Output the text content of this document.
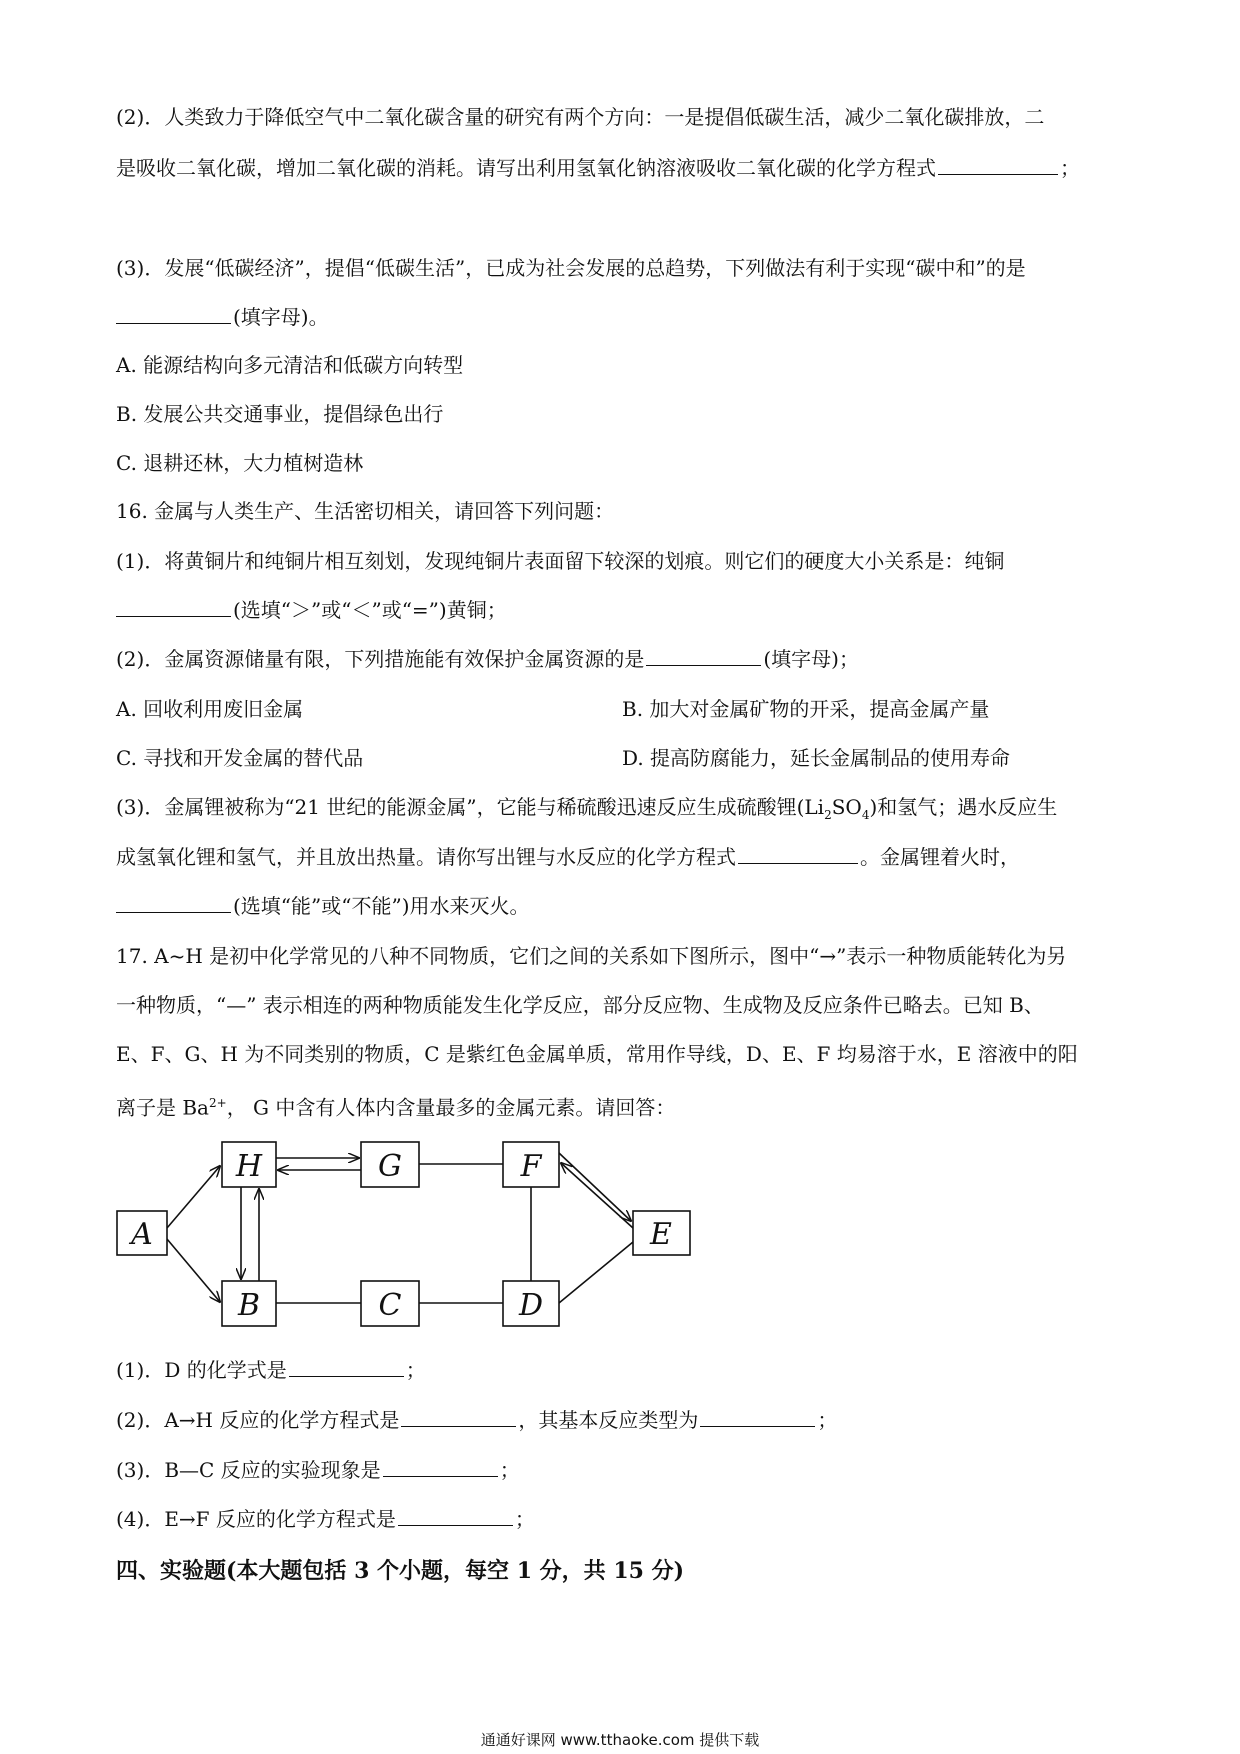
(2)．人类致力于降低空气中二氧化碳含量的研究有两个方向：一是提倡低碳生活，减少二氧化碳排放，二
是吸收二氧化碳，增加二氧化碳的消耗。请写出利用氢氧化钠溶液吸收二氧化碳的化学方程式	；
(3)．发展“低碳经济”，提倡“低碳生活”，已成为社会发展的总趋势，下列做法有利于实现“碳中和”的是
(填字母)。
A. 能源结构向多元清洁和低碳方向转型
B. 发展公共交通事业，提倡绿色出行
C. 退耕还林，大力植树造林
16. 金属与人类生产、生活密切相关，请回答下列问题：
(1)．将黄铜片和纯铜片相互刻划，发现纯铜片表面留下较深的划痕。则它们的硬度大小关系是：纯铜
(选填“＞”或“＜”或“=”)黄铜；
(2)．金属资源储量有限，下列措施能有效保护金属资源的是	(填字母)；
A. 回收利用废旧金属	B. 加大对金属矿物的开采，提高金属产量
C. 寻找和开发金属的替代品	D. 提高防腐能力，延长金属制品的使用寿命
(3)．金属锂被称为“21 世纪的能源金属”，它能与稀硫酸迅速反应生成硫酸锂$(Li_2SO_4)$和氢气；遇水反应生
成氢氧化锂和氢气，并且放出热量。请你写出锂与水反应的化学方程式	。金属锂着火时，
(选填“能”或“不能”)用水来灭火。
17. A~H 是初中化学常见的八种不同物质，它们之间的关系如下图所示，图中“→”表示一种物质能转化为另
一种物质，“—” 表示相连的两种物质能发生化学反应，部分反应物、生成物及反应条件已略去。已知 B、
E、F、G、H 为不同类别的物质，C 是紫红色金属单质，常用作导线，D、E、F 均易溶于水，E 溶液中的阳
离子是 $Ba^{2+}$， G 中含有人体内含量最多的金属元素。请回答：
A
H	G	F
E
B	C	D
(1)．D 的化学式是	；
(2)．A→H 反应的化学方程式是	，其基本反应类型为	；
(3)．B—C 反应的实验现象是	；
(4)．E→F 反应的化学方程式是	；
四、实验题(本大题包括 3 个小题，每空 1 分，共 15 分)
通通好课网 www.tthaoke.com 提供下载
